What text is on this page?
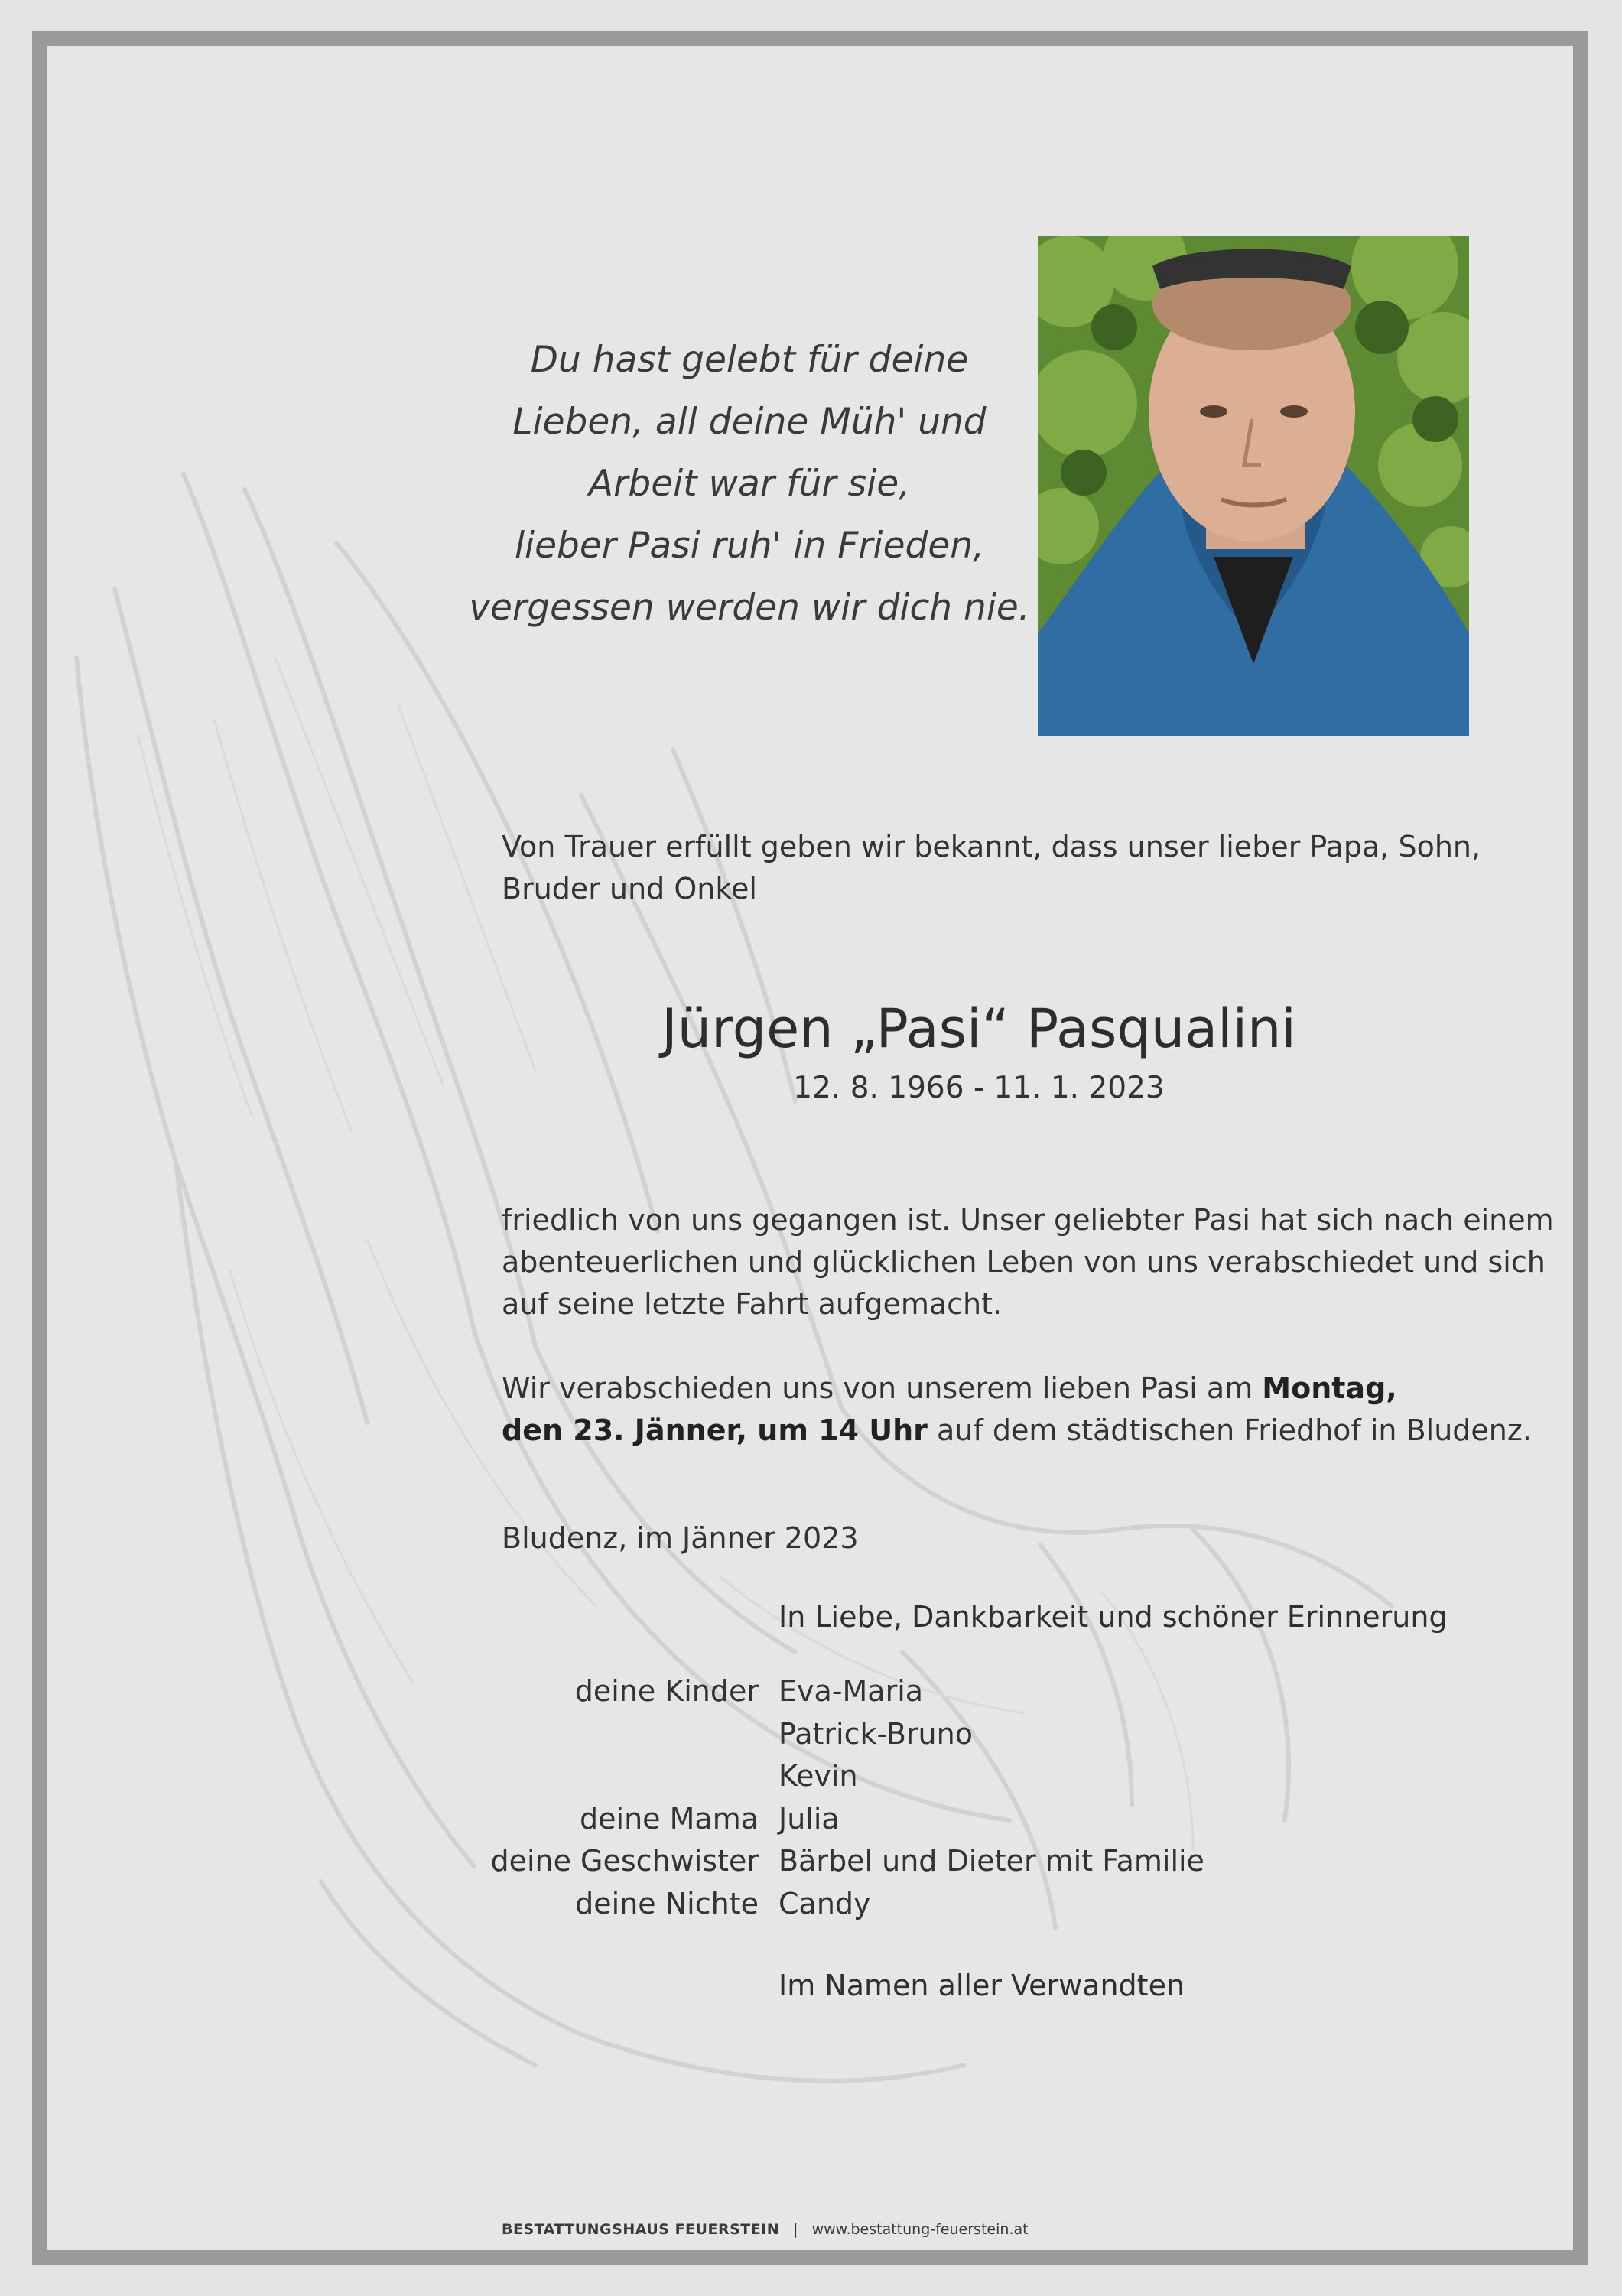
Du hast gelebt für deine
Lieben, all deine Müh' und
Arbeit war für sie,
lieber Pasi ruh' in Frieden,
vergessen werden wir dich nie.
Von Trauer erfüllt geben wir bekannt, dass unser lieber Papa, Sohn,
Bruder und Onkel
Jürgen „Pasi“ Pasqualini
12. 8. 1966 - 11. 1. 2023
friedlich von uns gegangen ist. Unser geliebter Pasi hat sich nach einem
abenteuerlichen und glücklichen Leben von uns verabschiedet und sich
auf seine letzte Fahrt aufgemacht.
Wir verabschieden uns von unserem lieben Pasi am Montag,
den 23. Jänner, um 14 Uhr auf dem städtischen Friedhof in Bludenz.
Bludenz, im Jänner 2023
In Liebe, Dankbarkeit und schöner Erinnerung
deine Kinder
deine Mama
deine Geschwister
deine Nichte
Eva-Maria
Patrick-Bruno
Kevin
Julia
Bärbel und Dieter mit Familie
Candy
Im Namen aller Verwandten
BESTATTUNGSHAUS FEUERSTEIN | www.bestattung-feuerstein.at
